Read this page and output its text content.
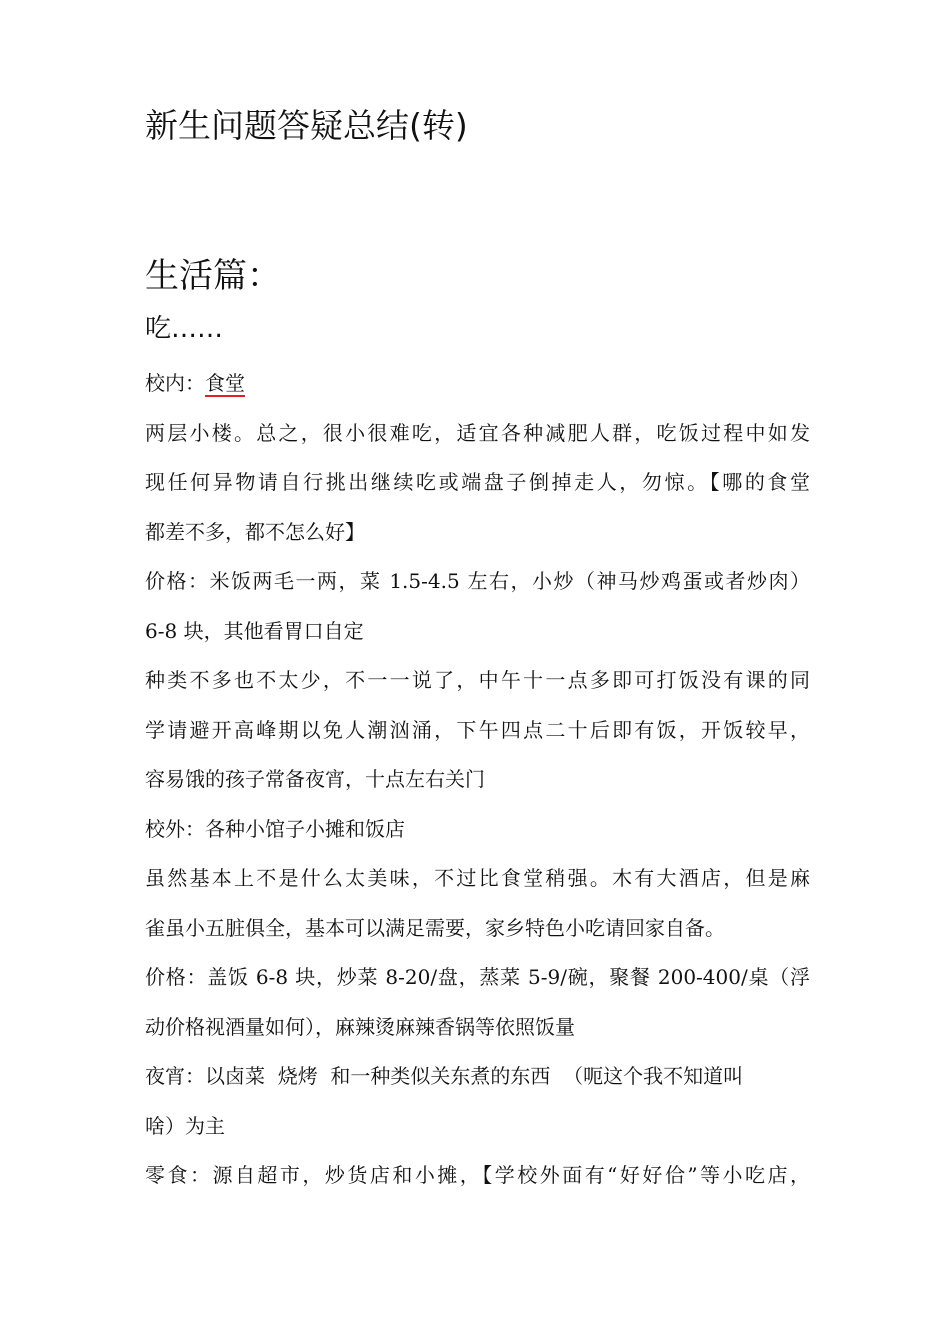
新生问题答疑总结(转)
生活篇：
吃……
校内：食堂
两层小楼。总之，很小很难吃，适宜各种减肥人群，吃饭过程中如发
现任何异物请自行挑出继续吃或端盘子倒掉走人，勿惊。【哪的食堂
都差不多，都不怎么好】
价格：米饭两毛一两，菜 1.5-4.5 左右，小炒（神马炒鸡蛋或者炒肉）
6-8 块，其他看胃口自定
种类不多也不太少，不一一说了，中午十一点多即可打饭没有课的同
学请避开高峰期以免人潮汹涌，下午四点二十后即有饭，开饭较早，
容易饿的孩子常备夜宵，十点左右关门
校外：各种小馆子小摊和饭店
虽然基本上不是什么太美味，不过比食堂稍强。木有大酒店，但是麻
雀虽小五脏俱全，基本可以满足需要，家乡特色小吃请回家自备。
价格：盖饭 6-8 块，炒菜 8-20/盘，蒸菜 5-9/碗，聚餐 200-400/桌（浮
动价格视酒量如何），麻辣烫麻辣香锅等依照饭量
夜宵：以卤菜  烧烤  和一种类似关东煮的东西  （呃这个我不知道叫
啥）为主
零食：源自超市，炒货店和小摊，【学校外面有“好好佮”等小吃店，
